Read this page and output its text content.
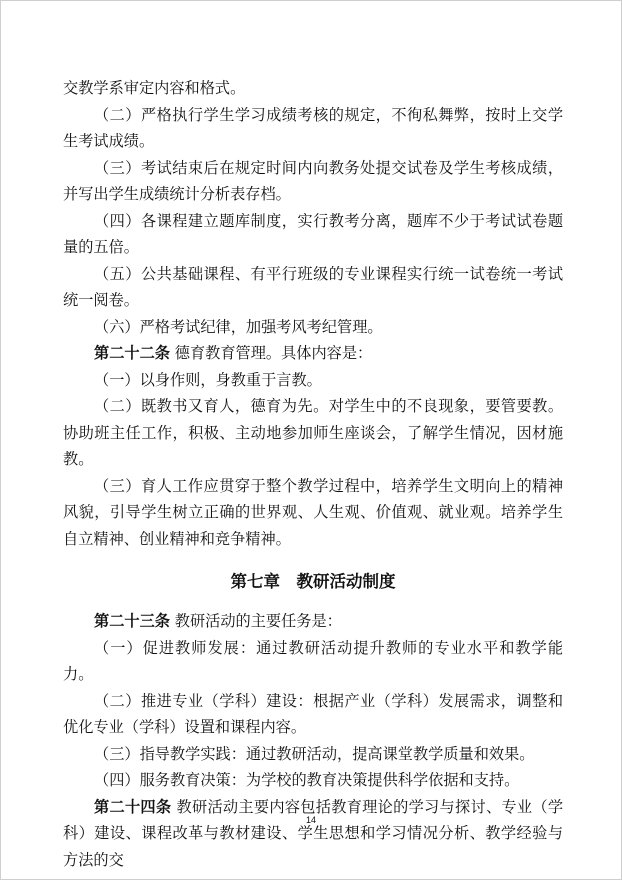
交教学系审定内容和格式。

（二）严格执行学生学习成绩考核的规定，不徇私舞弊，按时上交学生考试成绩。

（三）考试结束后在规定时间内向教务处提交试卷及学生考核成绩，并写出学生成绩统计分析表存档。

（四）各课程建立题库制度，实行教考分离，题库不少于考试试卷题量的五倍。

（五）公共基础课程、有平行班级的专业课程实行统一试卷统一考试统一阅卷。

（六）严格考试纪律，加强考风考纪管理。

第二十二条 德育教育管理。具体内容是：

（一）以身作则，身教重于言教。

（二）既教书又育人，德育为先。对学生中的不良现象，要管要教。协助班主任工作，积极、主动地参加师生座谈会，了解学生情况，因材施教。

（三）育人工作应贯穿于整个教学过程中，培养学生文明向上的精神风貌，引导学生树立正确的世界观、人生观、价值观、就业观。培养学生自立精神、创业精神和竞争精神。

第七章 教研活动制度

第二十三条 教研活动的主要任务是：

（一）促进教师发展：通过教研活动提升教师的专业水平和教学能力。

（二）推进专业（学科）建设：根据产业（学科）发展需求，调整和优化专业（学科）设置和课程内容。

（三）指导教学实践：通过教研活动，提高课堂教学质量和效果。

（四）服务教育决策：为学校的教育决策提供科学依据和支持。

第二十四条 教研活动主要内容包括教育理论的学习与探讨、专业（学科）建设、课程改革与教材建设、学生思想和学习情况分析、教学经验与方法的交

14
